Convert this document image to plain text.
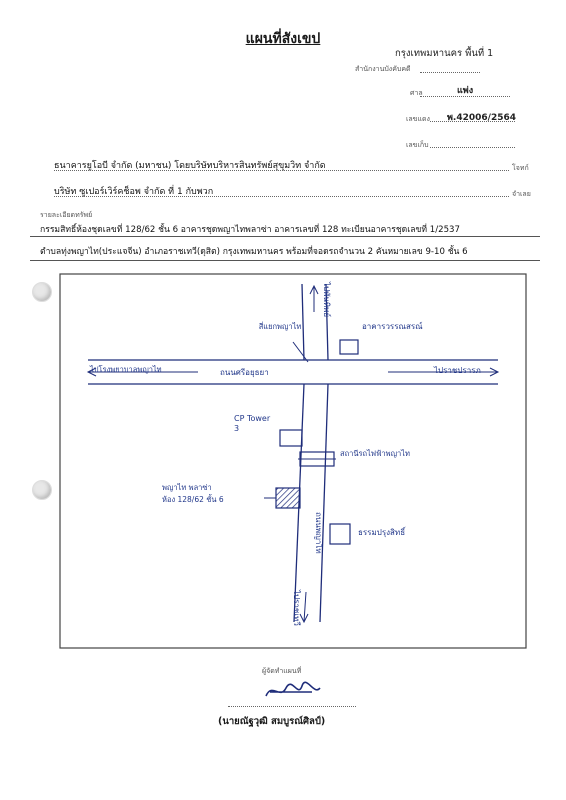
แผนที่สังเขป
กรุงเทพมหานคร พื้นที่ 1
สำนักงานบังคับคดี
ศาล	แพ่ง
เลขแดง พ.42006/2564
เลขเก็บ
ธนาคารยูโอบี จำกัด (มหาชน) โดยบริษัทบริหารสินทรัพย์สุขุมวิท จำกัด	โจทก์
บริษัท ซูเปอร์เวิร์คช็อพ จำกัด ที่ 1 กับพวก	จำเลย
รายละเอียดทรัพย์
กรรมสิทธิ์ห้องชุดเลขที่ 128/62 ชั้น 6 อาคารชุดพญาไทพลาซ่า อาคารเลขที่ 128 ทะเบียนอาคารชุดเลขที่ 1/2537
ตำบลทุ่งพญาไท(ประแจจีน) อำเภอราชเทวี(ดุสิต) กรุงเทพมหานคร พร้อมที่จอดรถจำนวน 2 คันหมายเลข 9-10 ชั้น 6
ไปพันทิพย์
สี่แยกพญาไท	อาคารวรรณสรณ์
ไปโรงพยาบาลพญาไท	ถนนศรีอยุธยา	ไปราชปรารภ
CP Tower 3
สถานีรถไฟฟ้าพญาไท
พญาไท พลาซ่า
ห้อง 128/62 ชั้น 6
ถนนพญาไท	ธรรมปรุงสิทธิ์
ไปราชเทวี
ผู้จัดทำแผนที่
(นายณัฐวุฒิ สมบูรณ์ศิลป์)
